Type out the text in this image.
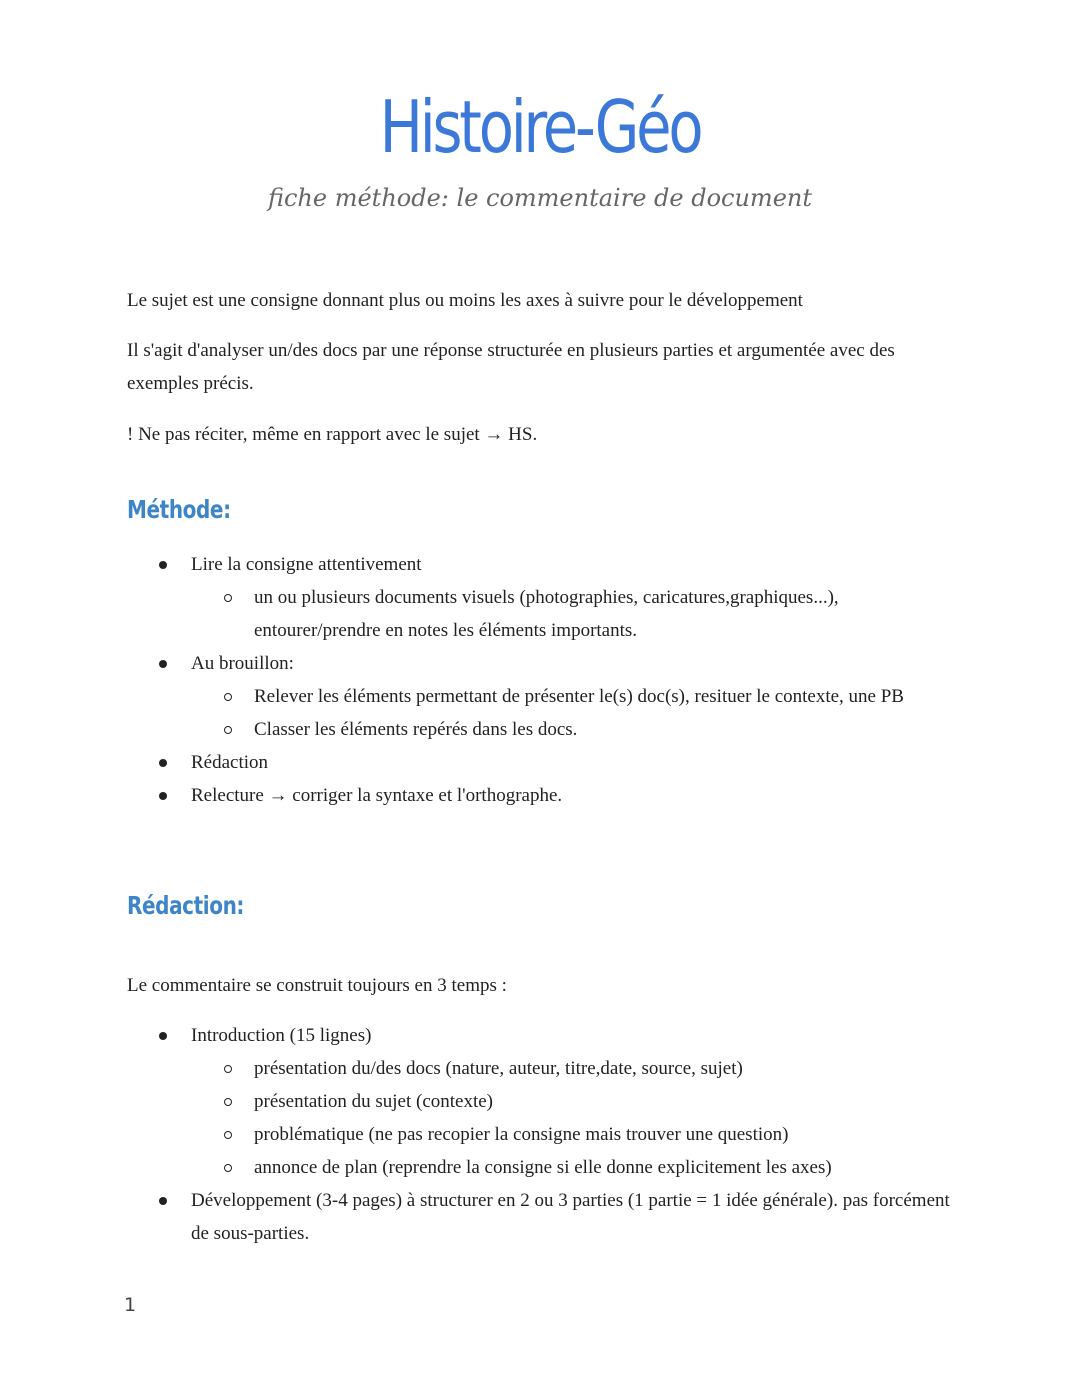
Histoire-Géo
fiche méthode: le commentaire de document

Le sujet est une consigne donnant plus ou moins les axes à suivre pour le développement

Il s'agit d'analyser un/des docs par une réponse structurée en plusieurs parties et argumentée avec des exemples précis.

! Ne pas réciter, même en rapport avec le sujet → HS.

Méthode:
Lire la consigne attentivement
un ou plusieurs documents visuels (photographies, caricatures,graphiques...), entourer/prendre en notes les éléments importants.
Au brouillon:
Relever les éléments permettant de présenter le(s) doc(s), resituer le contexte, une PB
Classer les éléments repérés dans les docs.
Rédaction
Relecture → corriger la syntaxe et l'orthographe.
Rédaction:

Le commentaire se construit toujours en 3 temps :

Introduction (15 lignes)
présentation du/des docs (nature, auteur, titre,date, source, sujet)
présentation du sujet (contexte)
problématique (ne pas recopier la consigne mais trouver une question)
annonce de plan (reprendre la consigne si elle donne explicitement les axes)
Développement (3-4 pages) à structurer en 2 ou 3 parties (1 partie = 1 idée générale). pas forcément de sous-parties.
1
